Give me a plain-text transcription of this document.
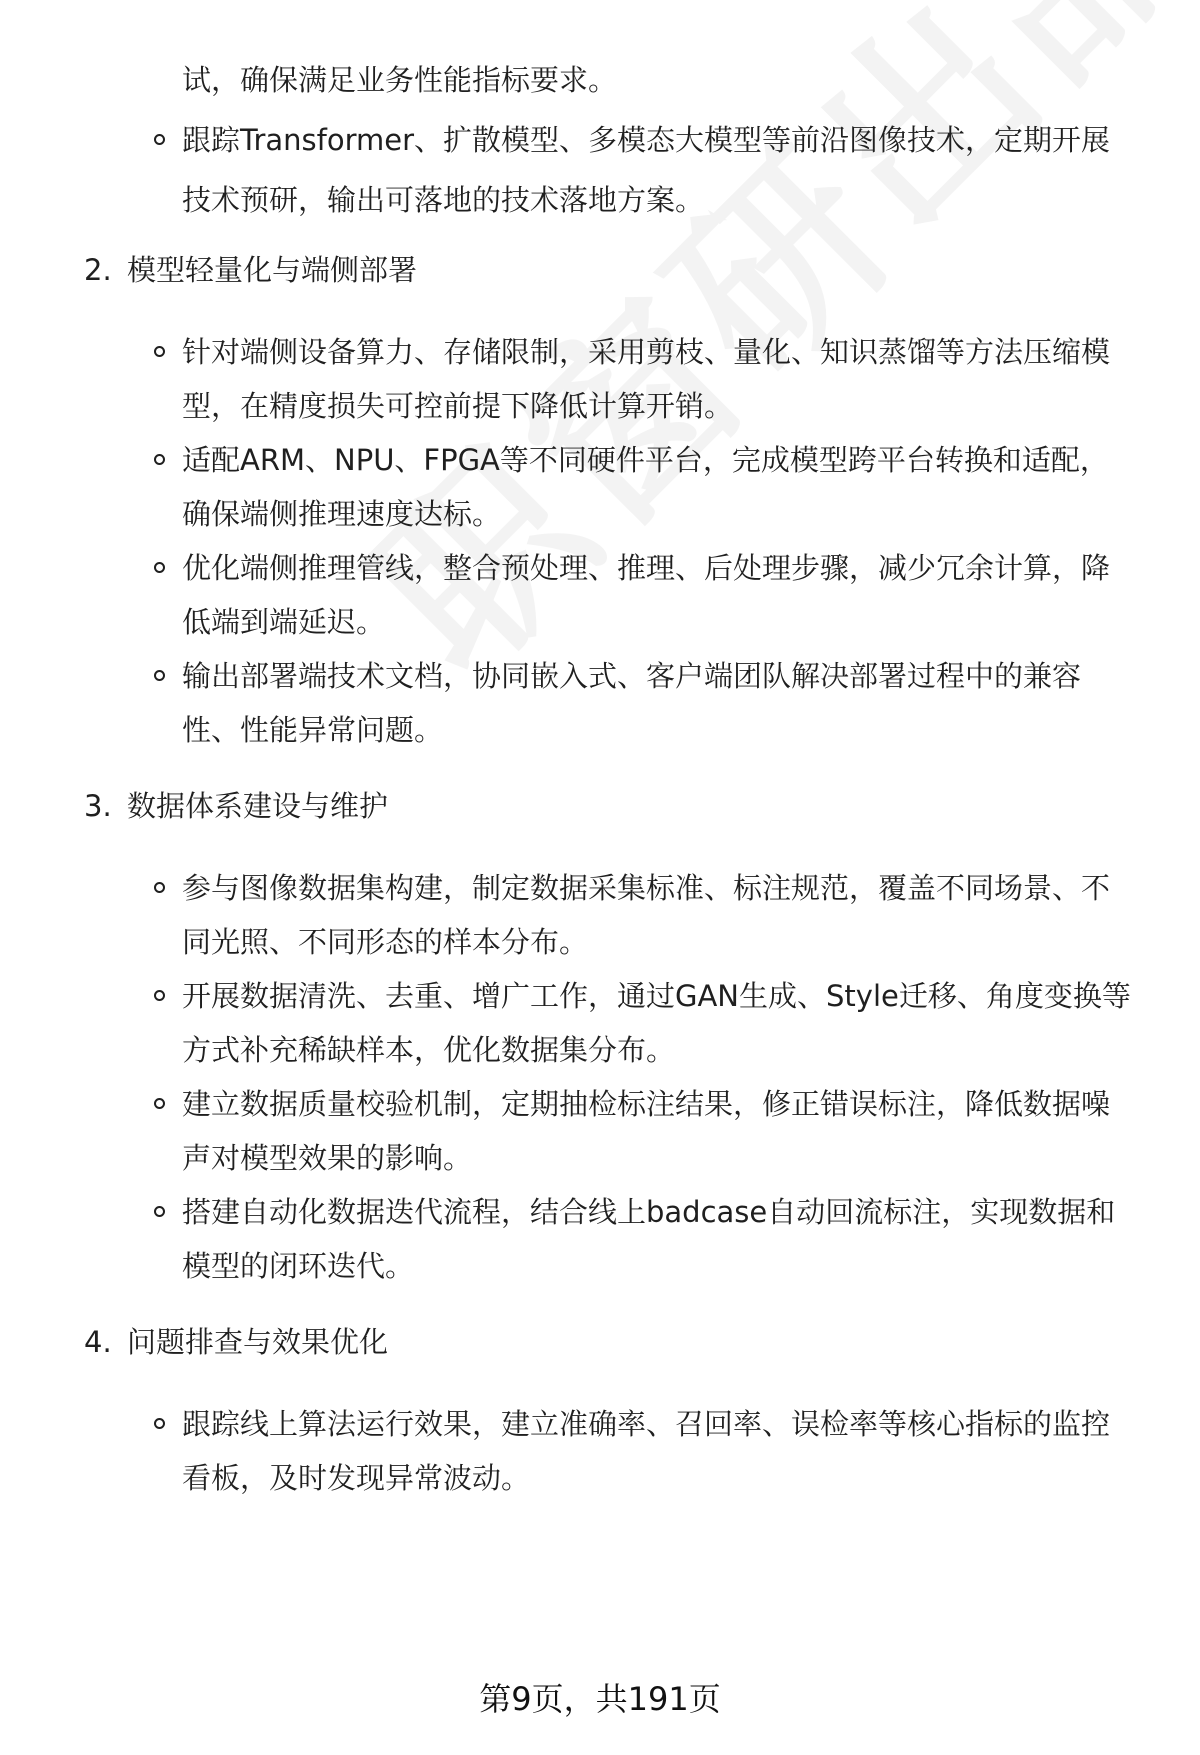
试，确保满足业务性能指标要求。
跟踪Transformer、扩散模型、多模态大模型等前沿图像技术，定期开展
技术预研，输出可落地的技术落地方案。
2. 模型轻量化与端侧部署
针对端侧设备算力、存储限制，采用剪枝、量化、知识蒸馏等方法压缩模
型，在精度损失可控前提下降低计算开销。
适配ARM、NPU、FPGA等不同硬件平台，完成模型跨平台转换和适配，
确保端侧推理速度达标。
优化端侧推理管线，整合预处理、推理、后处理步骤，减少冗余计算，降
低端到端延迟。
输出部署端技术文档，协同嵌入式、客户端团队解决部署过程中的兼容
性、性能异常问题。
3. 数据体系建设与维护
参与图像数据集构建，制定数据采集标准、标注规范，覆盖不同场景、不
同光照、不同形态的样本分布。
开展数据清洗、去重、增广工作，通过GAN生成、Style迁移、角度变换等
方式补充稀缺样本，优化数据集分布。
建立数据质量校验机制，定期抽检标注结果，修正错误标注，降低数据噪
声对模型效果的影响。
搭建自动化数据迭代流程，结合线上badcase自动回流标注，实现数据和
模型的闭环迭代。
4. 问题排查与效果优化
跟踪线上算法运行效果，建立准确率、召回率、误检率等核心指标的监控
看板，及时发现异常波动。
第9页，共191页
